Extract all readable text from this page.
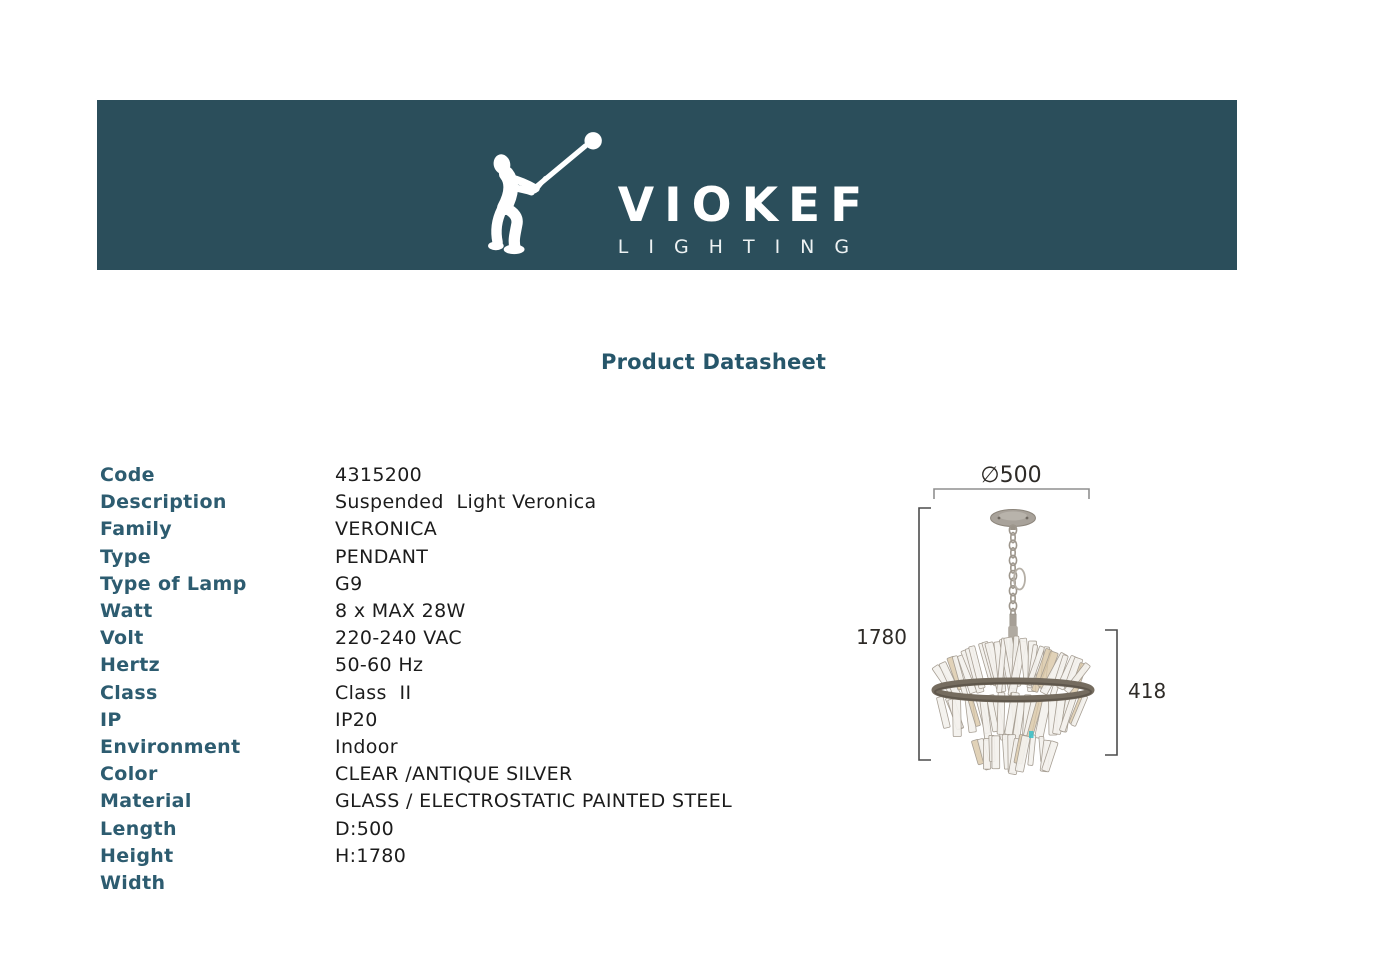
VIOKEF
LIGHTING
Product Datasheet
Code	4315200
Description	Suspended  Light Veronica
Family	VERONICA
Type	PENDANT
Type of Lamp	G9
Watt	8 x MAX 28W
Volt	220-240 VAC
Hertz	50-60 Hz
Class	Class  II
IP	IP20
Environment	Indoor
Color	CLEAR /ANTIQUE SILVER
Material	GLASS / ELECTROSTATIC PAINTED STEEL
Length	D:500
Height	H:1780
Width
∅500
1780
418
